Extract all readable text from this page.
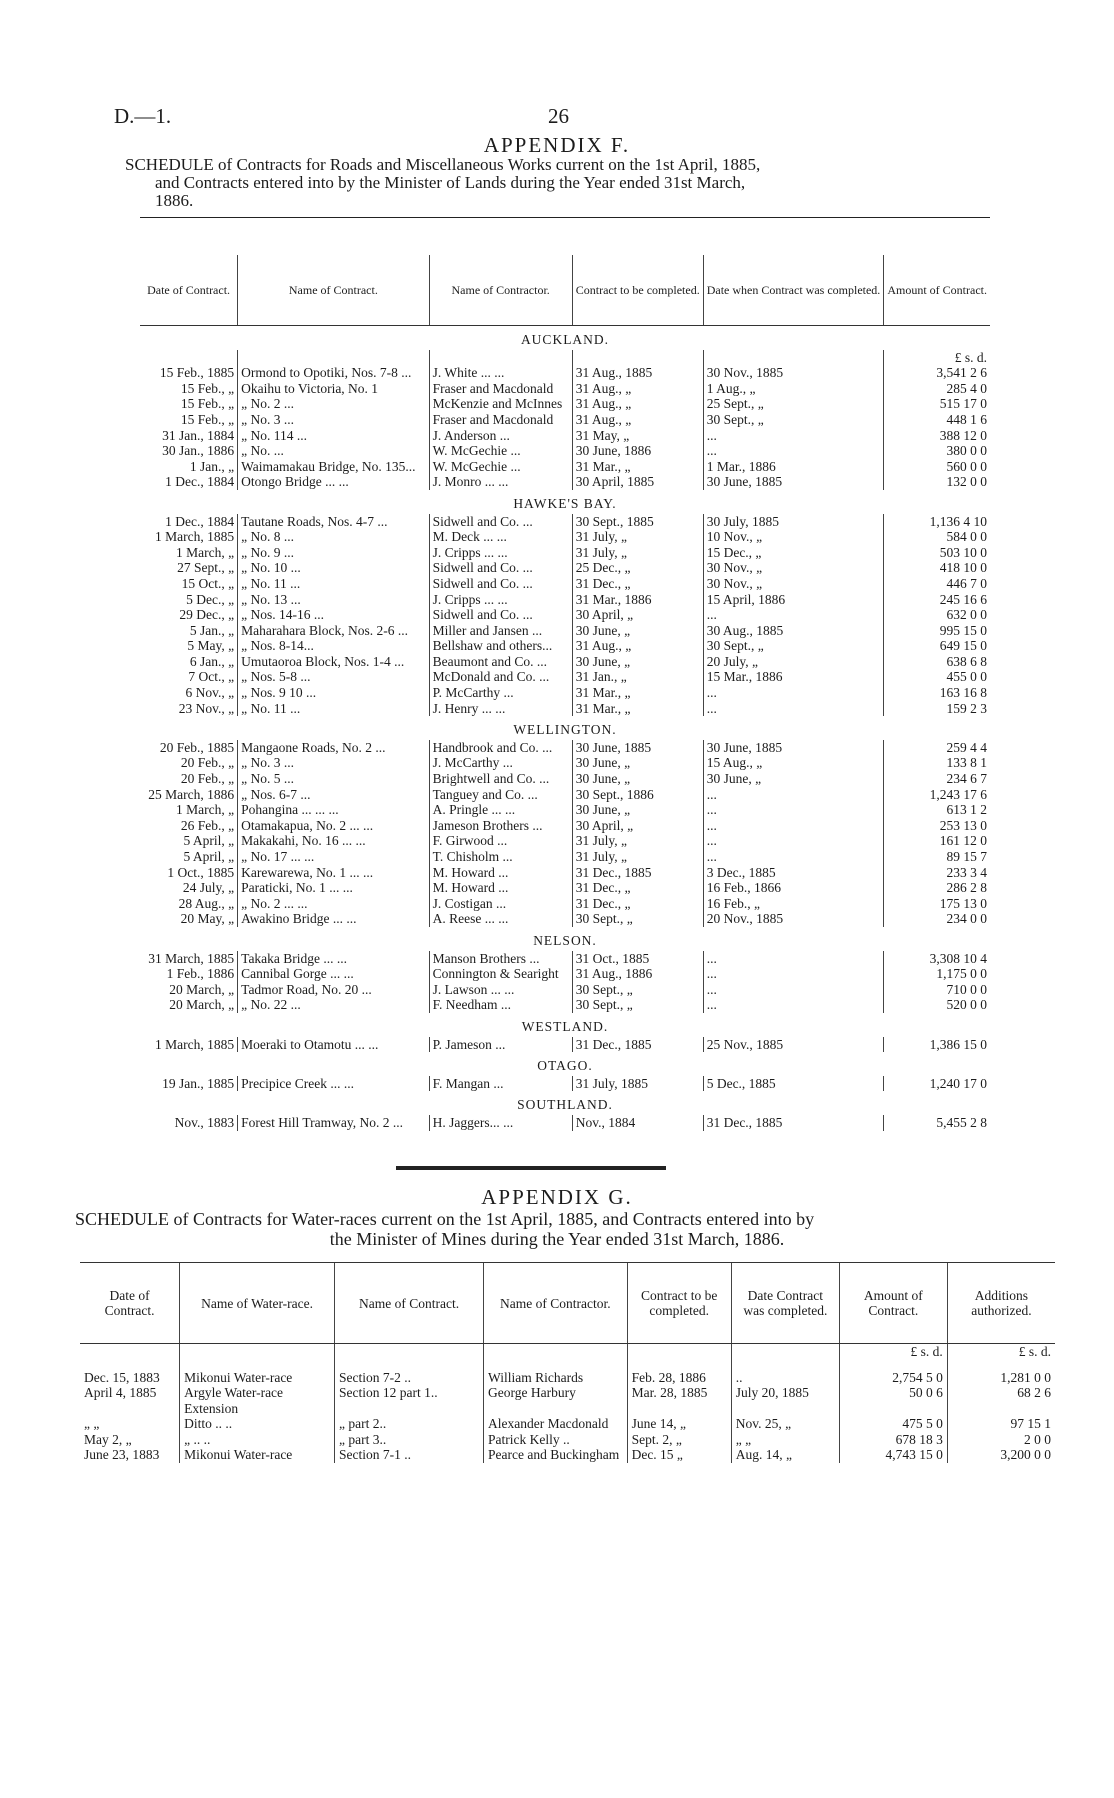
D.—1.	26
APPENDIX F.
SCHEDULE of Contracts for Roads and Miscellaneous Works current on the 1st April, 1885,
and Contracts entered into by the Minister of Lands during the Year ended 31st March,
1886.
Date of Contract.	Name of Contract.	Name of Contractor.	Contract to be completed.	Date when Contract was completed.	Amount of Contract.
AUCKLAND.					
					£ s. d.
15 Feb., 1885	Ormond to Opotiki, Nos. 7-8 ...	J. White ... ...	31 Aug., 1885	30 Nov., 1885	3,541 2 6
15 Feb., „	Okaihu to Victoria, No. 1	Fraser and Macdonald	31 Aug., „	1 Aug., „	285 4 0
15 Feb., „	„ No. 2 ...	McKenzie and McInnes	31 Aug., „	25 Sept., „	515 17 0
15 Feb., „	„ No. 3 ...	Fraser and Macdonald	31 Aug., „	30 Sept., „	448 1 6
31 Jan., 1884	„ No. 114 ...	J. Anderson ...	31 May, „	...	388 12 0
30 Jan., 1886	„ No. ...	W. McGechie ...	30 June, 1886	...	380 0 0
1 Jan., „	Waimamakau Bridge, No. 135...	W. McGechie ...	31 Mar., „	1 Mar., 1886	560 0 0
1 Dec., 1884	Otongo Bridge ... ...	J. Monro ... ...	30 April, 1885	30 June, 1885	132 0 0
HAWKE'S BAY.					
1 Dec., 1884	Tautane Roads, Nos. 4-7 ...	Sidwell and Co. ...	30 Sept., 1885	30 July, 1885	1,136 4 10
1 March, 1885	„ No. 8 ...	M. Deck ... ...	31 July, „	10 Nov., „	584 0 0
1 March, „	„ No. 9 ...	J. Cripps ... ...	31 July, „	15 Dec., „	503 10 0
27 Sept., „	„ No. 10 ...	Sidwell and Co. ...	25 Dec., „	30 Nov., „	418 10 0
15 Oct., „	„ No. 11 ...	Sidwell and Co. ...	31 Dec., „	30 Nov., „	446 7 0
5 Dec., „	„ No. 13 ...	J. Cripps ... ...	31 Mar., 1886	15 April, 1886	245 16 6
29 Dec., „	„ Nos. 14-16 ...	Sidwell and Co. ...	30 April, „	...	632 0 0
5 Jan., „	Maharahara Block, Nos. 2-6 ...	Miller and Jansen ...	30 June, „	30 Aug., 1885	995 15 0
5 May, „	„ Nos. 8-14...	Bellshaw and others...	31 Aug., „	30 Sept., „	649 15 0
6 Jan., „	Umutaoroa Block, Nos. 1-4 ...	Beaumont and Co. ...	30 June, „	20 July, „	638 6 8
7 Oct., „	„ Nos. 5-8 ...	McDonald and Co. ...	31 Jan., „	15 Mar., 1886	455 0 0
6 Nov., „	„ Nos. 9 10 ...	P. McCarthy ...	31 Mar., „	...	163 16 8
23 Nov., „	„ No. 11 ...	J. Henry ... ...	31 Mar., „	...	159 2 3
WELLINGTON.					
20 Feb., 1885	Mangaone Roads, No. 2 ...	Handbrook and Co. ...	30 June, 1885	30 June, 1885	259 4 4
20 Feb., „	„ No. 3 ...	J. McCarthy ...	30 June, „	15 Aug., „	133 8 1
20 Feb., „	„ No. 5 ...	Brightwell and Co. ...	30 June, „	30 June, „	234 6 7
25 March, 1886	„ Nos. 6-7 ...	Tanguey and Co. ...	30 Sept., 1886	...	1,243 17 6
1 March, „	Pohangina ... ... ...	A. Pringle ... ...	30 June, „	...	613 1 2
26 Feb., „	Otamakapua, No. 2 ... ...	Jameson Brothers ...	30 April, „	...	253 13 0
5 April, „	Makakahi, No. 16 ... ...	F. Girwood ...	31 July, „	...	161 12 0
5 April, „	„ No. 17 ... ...	T. Chisholm ...	31 July, „	...	89 15 7
1 Oct., 1885	Karewarewa, No. 1 ... ...	M. Howard ...	31 Dec., 1885	3 Dec., 1885	233 3 4
24 July, „	Paraticki, No. 1 ... ...	M. Howard ...	31 Dec., „	16 Feb., 1866	286 2 8
28 Aug., „	„ No. 2 ... ...	J. Costigan ...	31 Dec., „	16 Feb., „	175 13 0
20 May, „	Awakino Bridge ... ...	A. Reese ... ...	30 Sept., „	20 Nov., 1885	234 0 0
NELSON.					
31 March, 1885	Takaka Bridge ... ...	Manson Brothers ...	31 Oct., 1885	...	3,308 10 4
1 Feb., 1886	Cannibal Gorge ... ...	Connington & Searight	31 Aug., 1886	...	1,175 0 0
20 March, „	Tadmor Road, No. 20 ...	J. Lawson ... ...	30 Sept., „	...	710 0 0
20 March, „	„ No. 22 ...	F. Needham ...	30 Sept., „	...	520 0 0
WESTLAND.					
1 March, 1885	Moeraki to Otamotu ... ...	P. Jameson ...	31 Dec., 1885	25 Nov., 1885	1,386 15 0
OTAGO.					
19 Jan., 1885	Precipice Creek ... ...	F. Mangan ...	31 July, 1885	5 Dec., 1885	1,240 17 0
SOUTHLAND.					
Nov., 1883	Forest Hill Tramway, No. 2 ...	H. Jaggers... ...	Nov., 1884	31 Dec., 1885	5,455 2 8
APPENDIX G.
SCHEDULE of Contracts for Water-races current on the 1st April, 1885, and Contracts entered into by
the Minister of Mines during the Year ended 31st March, 1886.
Date of Contract.	Name of Water-race.	Name of Contract.	Name of Contractor.	Contract to be completed.	Date Contract was completed.	Amount of Contract.	Additions authorized.
						£ s. d.	£ s. d.
Dec. 15, 1883	Mikonui Water-race	Section 7-2 ..	William Richards	Feb. 28, 1886	..	2,754 5 0	1,281 0 0
April 4, 1885	Argyle Water-race Extension	Section 12 part 1..	George Harbury	Mar. 28, 1885	July 20, 1885	50 0 6	68 2 6
„ „	Ditto .. ..	„ part 2..	Alexander Macdonald	June 14, „	Nov. 25, „	475 5 0	97 15 1
May 2, „	„ .. ..	„ part 3..	Patrick Kelly ..	Sept. 2, „	„ „	678 18 3	2 0 0
June 23, 1883	Mikonui Water-race	Section 7-1 ..	Pearce and Buckingham	Dec. 15 „	Aug. 14, „	4,743 15 0	3,200 0 0
